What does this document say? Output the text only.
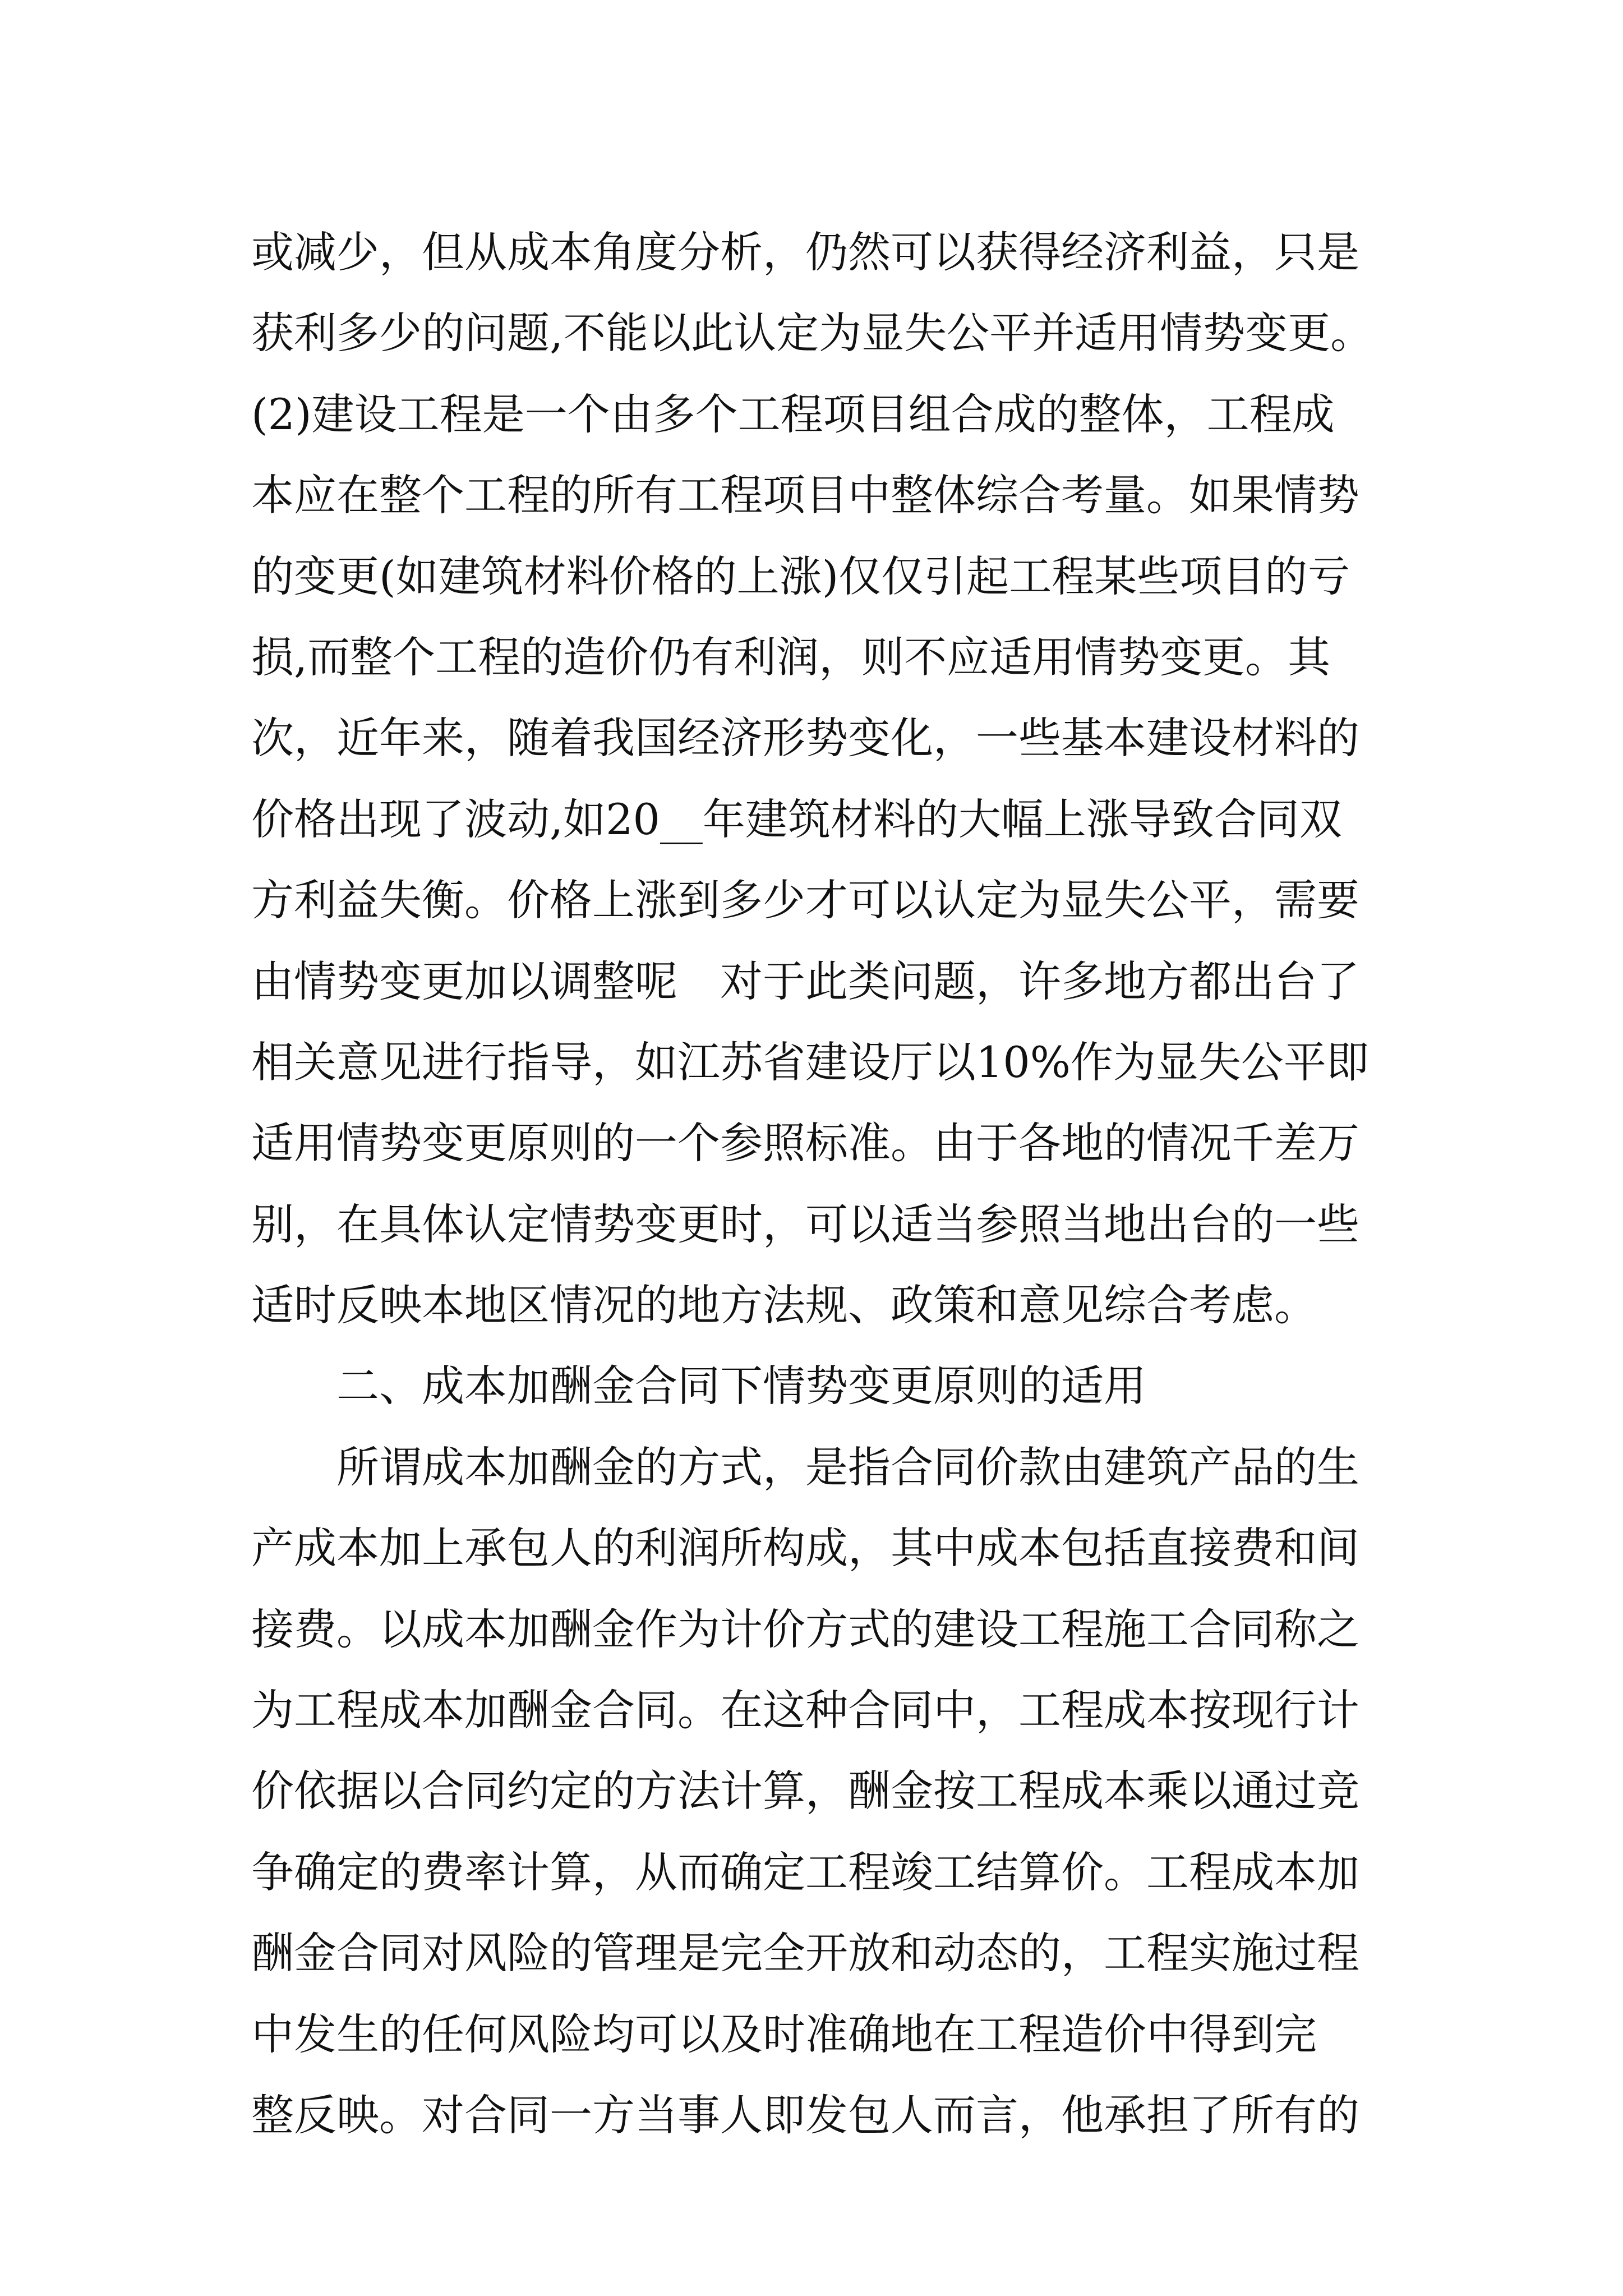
或减少，但从成本角度分析，仍然可以获得经济利益，只是
获利多少的问题,不能以此认定为显失公平并适用情势变更。
(2)建设工程是一个由多个工程项目组合成的整体，工程成
本应在整个工程的所有工程项目中整体综合考量。如果情势
的变更(如建筑材料价格的上涨)仅仅引起工程某些项目的亏
损,而整个工程的造价仍有利润，则不应适用情势变更。其
次，近年来，随着我国经济形势变化，一些基本建设材料的
价格出现了波动,如20__年建筑材料的大幅上涨导致合同双
方利益失衡。价格上涨到多少才可以认定为显失公平，需要
由情势变更加以调整呢　对于此类问题，许多地方都出台了
相关意见进行指导，如江苏省建设厅以10%作为显失公平即
适用情势变更原则的一个参照标准。由于各地的情况千差万
别，在具体认定情势变更时，可以适当参照当地出台的一些
适时反映本地区情况的地方法规、政策和意见综合考虑。
　　二、成本加酬金合同下情势变更原则的适用
　　所谓成本加酬金的方式，是指合同价款由建筑产品的生
产成本加上承包人的利润所构成，其中成本包括直接费和间
接费。以成本加酬金作为计价方式的建设工程施工合同称之
为工程成本加酬金合同。在这种合同中，工程成本按现行计
价依据以合同约定的方法计算，酬金按工程成本乘以通过竞
争确定的费率计算，从而确定工程竣工结算价。工程成本加
酬金合同对风险的管理是完全开放和动态的，工程实施过程
中发生的任何风险均可以及时准确地在工程造价中得到完
整反映。对合同一方当事人即发包人而言，他承担了所有的
